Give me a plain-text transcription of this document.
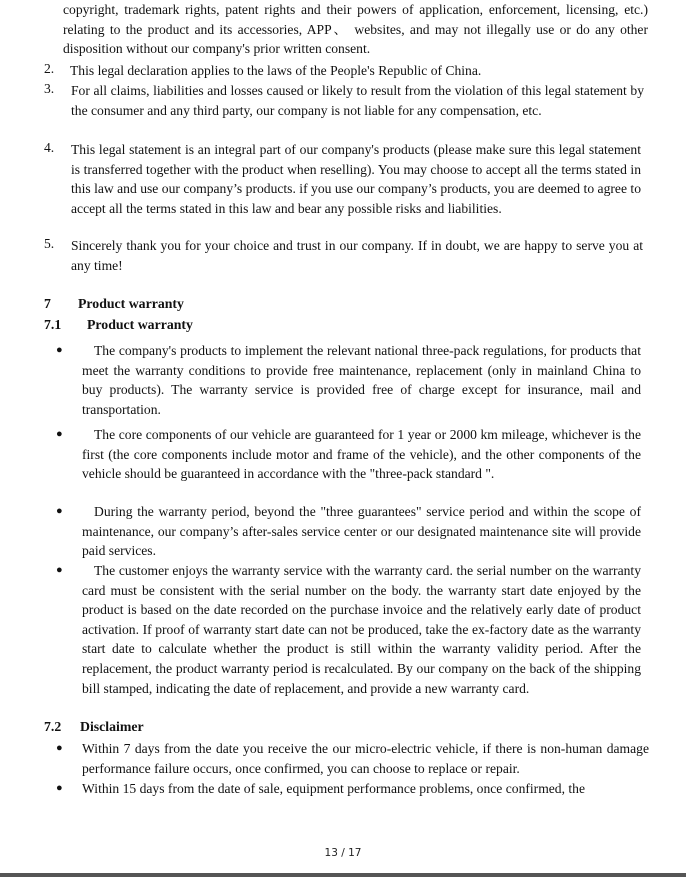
copyright, trademark rights, patent rights and their powers of application, enforcement, licensing, etc.) relating to the product and its accessories, APP、 websites, and may not illegally use or do any other disposition without our company's prior written consent.

2. This legal declaration applies to the laws of the People's Republic of China.

3. For all claims, liabilities and losses caused or likely to result from the violation of this legal statement by the consumer and any third party, our company is not liable for any compensation, etc.

4. This legal statement is an integral part of our company's products (please make sure this legal statement is transferred together with the product when reselling). You may choose to accept all the terms stated in this law and use our company’s products. if you use our company’s products, you are deemed to agree to accept all the terms stated in this law and bear any possible risks and liabilities.

5. Sincerely thank you for your choice and trust in our company. If in doubt, we are happy to serve you at any time!

7 Product warranty
7.1 Product warranty
●	The company's products to implement the relevant national three-pack regulations, for products that meet the warranty conditions to provide free maintenance, replacement (only in mainland China to buy products). The warranty service is provided free of charge except for insurance, mail and transportation.

●	The core components of our vehicle are guaranteed for 1 year or 2000 km mileage, whichever is the first (the core components include motor and frame of the vehicle), and the other components of the vehicle should be guaranteed in accordance with the "three-pack standard ".

●	During the warranty period, beyond the "three guarantees" service period and within the scope of maintenance, our company’s after-sales service center or our designated maintenance site will provide paid services.

●	The customer enjoys the warranty service with the warranty card. the serial number on the warranty card must be consistent with the serial number on the body. the warranty start date enjoyed by the product is based on the date recorded on the purchase invoice and the relatively early date of product activation. If proof of warranty start date can not be produced, take the ex-factory date as the warranty start date to calculate whether the product is still within the warranty validity period. After the replacement, the product warranty period is recalculated. By our company on the back of the shipping bill stamped, indicating the date of replacement, and provide a new warranty card.

7.2 Disclaimer
● Within 7 days from the date you receive the our micro-electric vehicle, if there is non-human damage performance failure occurs, once confirmed, you can choose to replace or repair.

● Within 15 days from the date of sale, equipment performance problems, once confirmed, the

13 / 17
